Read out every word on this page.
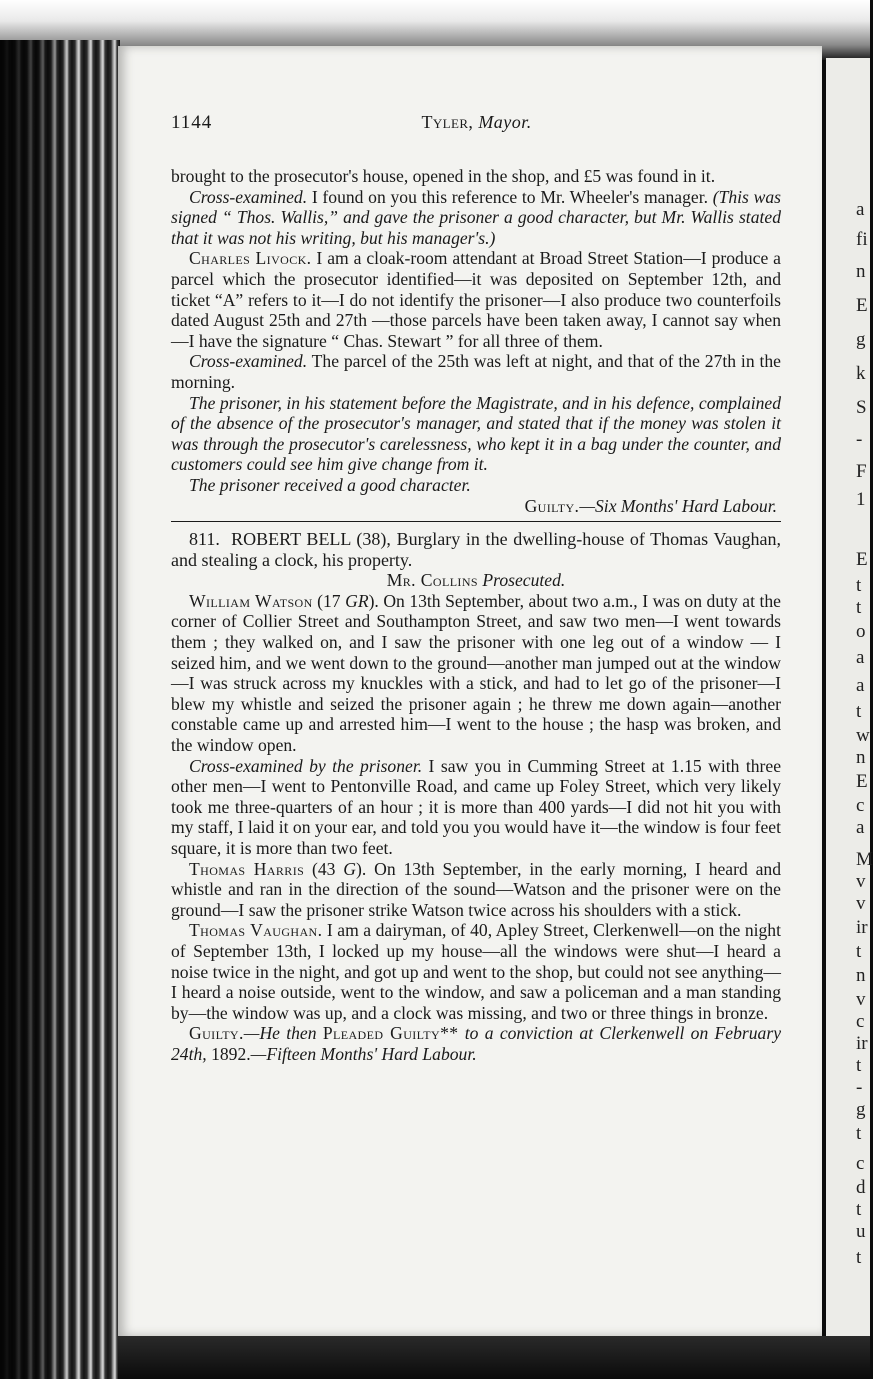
a
fi
n
E
g
k
S
-
F
1
E
t
t
o
a
a
t
w
n
E
c
a
M
v
v
ir
t
n
v
c
ir
t
-
g
t
c
d
t
u
t
1144	Tyler, Mayor.

brought to the prosecutor's house, opened in the shop, and £5 was found in it.

Cross-examined. I found on you this reference to Mr. Wheeler's manager. (This was signed “ Thos. Wallis,” and gave the prisoner a good character, but Mr. Wallis stated that it was not his writing, but his manager's.)

Charles Livock. I am a cloak-room attendant at Broad Street Station—I produce a parcel which the prosecutor identified—it was deposited on September 12th, and ticket “A” refers to it—I do not identify the prisoner—I also produce two counterfoils dated August 25th and 27th —those parcels have been taken away, I cannot say when—I have the signature “ Chas. Stewart ” for all three of them.

Cross-examined. The parcel of the 25th was left at night, and that of the 27th in the morning.

The prisoner, in his statement before the Magistrate, and in his defence, complained of the absence of the prosecutor's manager, and stated that if the money was stolen it was through the prosecutor's carelessness, who kept it in a bag under the counter, and customers could see him give change from it.

The prisoner received a good character.

Guilty.—Six Months' Hard Labour.

811. ROBERT BELL (38), Burglary in the dwelling-house of Thomas Vaughan, and stealing a clock, his property.

Mr. Collins Prosecuted.

William Watson (17 GR). On 13th September, about two a.m., I was on duty at the corner of Collier Street and Southampton Street, and saw two men—I went towards them ; they walked on, and I saw the prisoner with one leg out of a window — I seized him, and we went down to the ground—another man jumped out at the window—I was struck across my knuckles with a stick, and had to let go of the prisoner—I blew my whistle and seized the prisoner again ; he threw me down again—another constable came up and arrested him—I went to the house ; the hasp was broken, and the window open.

Cross-examined by the prisoner. I saw you in Cumming Street at 1.15 with three other men—I went to Pentonville Road, and came up Foley Street, which very likely took me three-quarters of an hour ; it is more than 400 yards—I did not hit you with my staff, I laid it on your ear, and told you you would have it—the window is four feet square, it is more than two feet.

Thomas Harris (43 G). On 13th September, in the early morning, I heard and whistle and ran in the direction of the sound—Watson and the prisoner were on the ground—I saw the prisoner strike Watson twice across his shoulders with a stick.

Thomas Vaughan. I am a dairyman, of 40, Apley Street, Clerkenwell—on the night of September 13th, I locked up my house—all the windows were shut—I heard a noise twice in the night, and got up and went to the shop, but could not see anything—I heard a noise outside, went to the window, and saw a policeman and a man standing by—the window was up, and a clock was missing, and two or three things in bronze.

Guilty.—He then Pleaded Guilty** to a conviction at Clerkenwell on February 24th, 1892.—Fifteen Months' Hard Labour.
